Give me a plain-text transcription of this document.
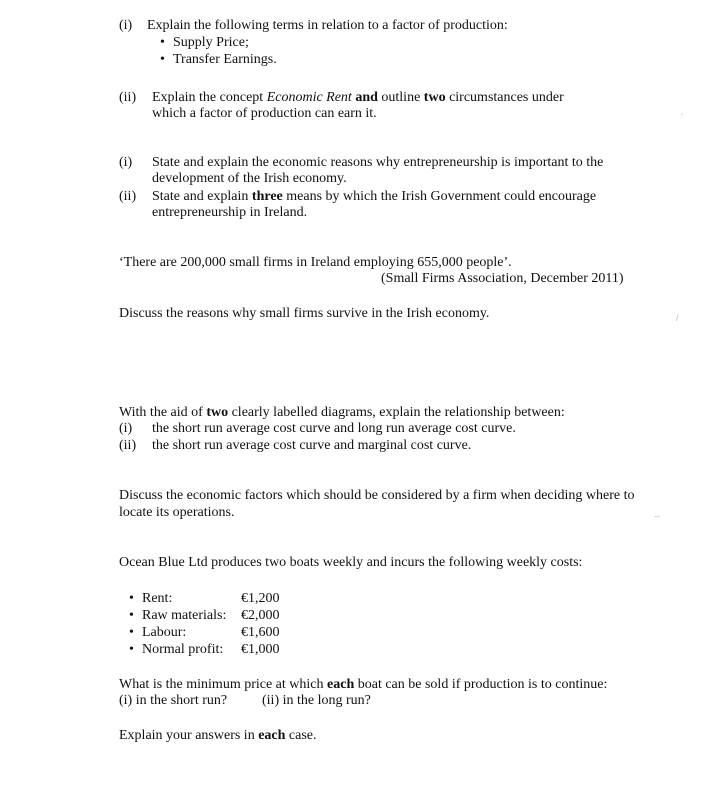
(i) Explain the following terms in relation to a factor of production:
• Supply Price;
• Transfer Earnings.
(ii) Explain the concept Economic Rent and outline two circumstances under
which a factor of production can earn it.
(i) State and explain the economic reasons why entrepreneurship is important to the
development of the Irish economy.
(ii) State and explain three means by which the Irish Government could encourage
entrepreneurship in Ireland.
‘There are 200,000 small firms in Ireland employing 655,000 people’.
(Small Firms Association, December 2011)
Discuss the reasons why small firms survive in the Irish economy.
With the aid of two clearly labelled diagrams, explain the relationship between:
(i) the short run average cost curve and long run average cost curve.
(ii) the short run average cost curve and marginal cost curve.
Discuss the economic factors which should be considered by a firm when deciding where to
locate its operations.
Ocean Blue Ltd produces two boats weekly and incurs the following weekly costs:
• Rent:	€1,200
• Raw materials: €2,000
• Labour:	€1,600
• Normal profit: €1,000
What is the minimum price at which each boat can be sold if production is to continue:
(i) in the short run? (ii) in the long run?
Explain your answers in each case.
'
/
--
